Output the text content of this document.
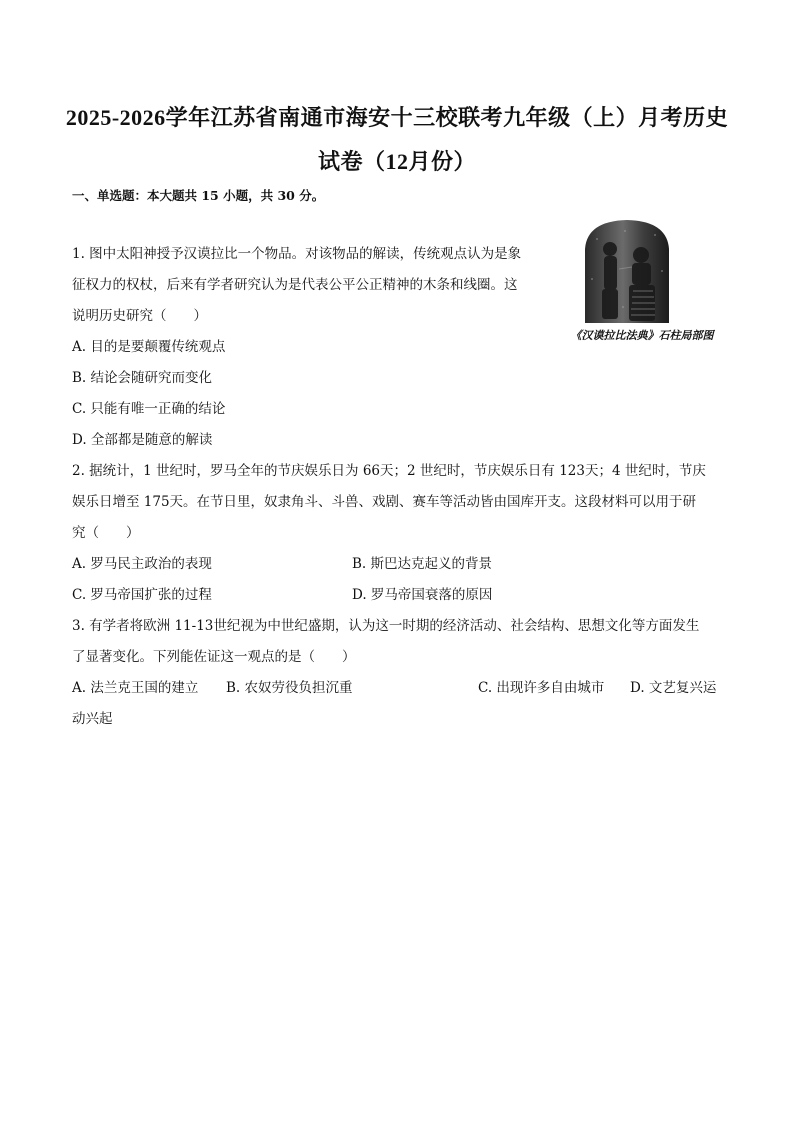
2025-2026学年江苏省南通市海安十三校联考九年级（上）月考历史
试卷（12月份）
一、单选题：本大题共 15 小题，共 30 分。
1. 图中太阳神授予汉谟拉比一个物品。对该物品的解读，传统观点认为是象
征权力的权杖，后来有学者研究认为是代表公平公正精神的木条和线圈。这
说明历史研究（　　）
A. 目的是要颠覆传统观点
B. 结论会随研究而变化
C. 只能有唯一正确的结论
D. 全部都是随意的解读
《汉谟拉比法典》石柱局部图
2. 据统计，1 世纪时，罗马全年的节庆娱乐日为 66天；2 世纪时，节庆娱乐日有 123天；4 世纪时，节庆
娱乐日增至 175天。在节日里，奴隶角斗、斗兽、戏剧、赛车等活动皆由国库开支。这段材料可以用于研
究（　　）
A. 罗马民主政治的表现	B. 斯巴达克起义的背景
C. 罗马帝国扩张的过程	D. 罗马帝国衰落的原因
3. 有学者将欧洲 11-13世纪视为中世纪盛期，认为这一时期的经济活动、社会结构、思想文化等方面发生
了显著变化。下列能佐证这一观点的是（　　）
A. 法兰克王国的建立 B. 农奴劳役负担沉重	C. 出现许多自由城市 D. 文艺复兴运
动兴起
